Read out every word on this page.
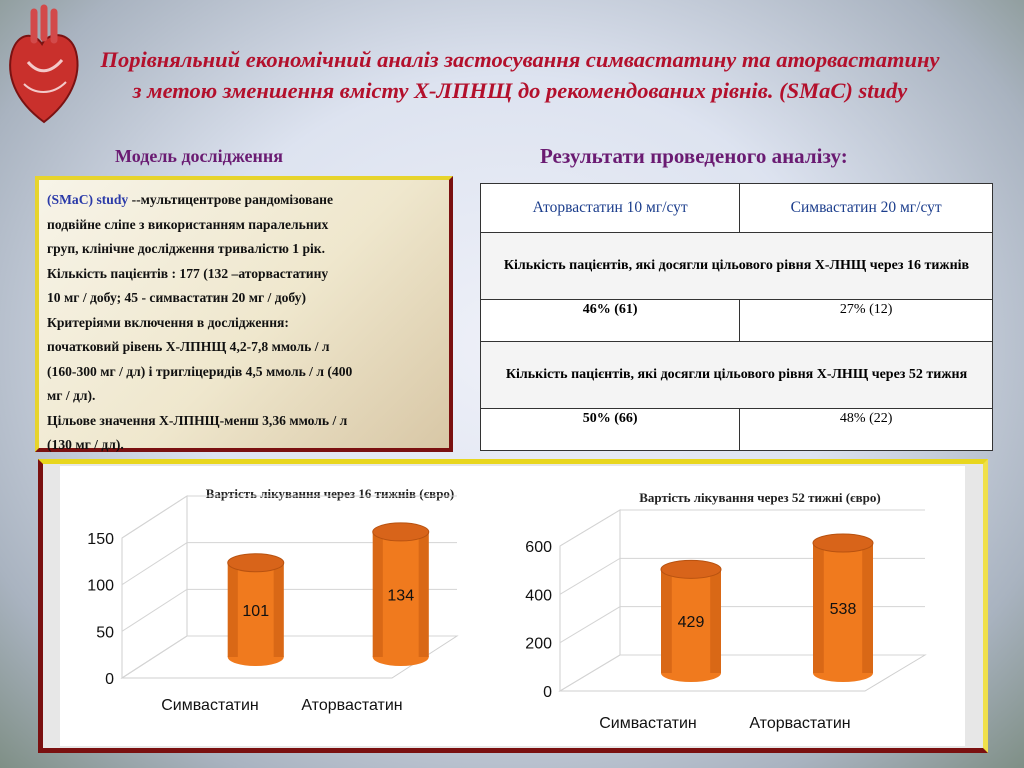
Порівняльний економічний аналіз застосування симвастатину та аторвастатину з метою зменшення вмісту Х-ЛПНЩ до рекомендованих рівнів. (SMaC) study
Модель дослідження	Результати проведеного аналізу:
(SMaC) study --мультицентрове рандомізоване
подвійне сліпе з використанням паралельних
груп, клінічне дослідження тривалістю 1 рік.
Кількість пацієнтів : 177 (132 –аторвастатину
10 мг / добу; 45 - симвастатин 20 мг / добу)
Критеріями включення в дослідження:
початковий рівень Х-ЛПНЩ 4,2-7,8 ммоль / л
(160-300 мг / дл) і тригліцеридів 4,5 ммоль / л (400
мг / дл).
Цільове значення Х-ЛПНЩ-менш 3,36 ммоль / л
(130 мг / дл).
Аторвастатин 10 мг/сут	Симвастатин 20 мг/сут
Кількість пацієнтів, які досягли цільового рівня Х-ЛНЩ через 16 тижнів	
46% (61)	27% (12)
Кількість пацієнтів, які досягли цільового рівня Х-ЛНЩ через 52 тижня	
50% (66)	48% (22)
Вартість лікування через 16 тижнів (євро)
0
50
100
150
101
Симвастатин
134
Аторвастатин
Вартість лікування через 52 тижні (євро)
0
200
400
600
429
Симвастатин
538
Аторвастатин
